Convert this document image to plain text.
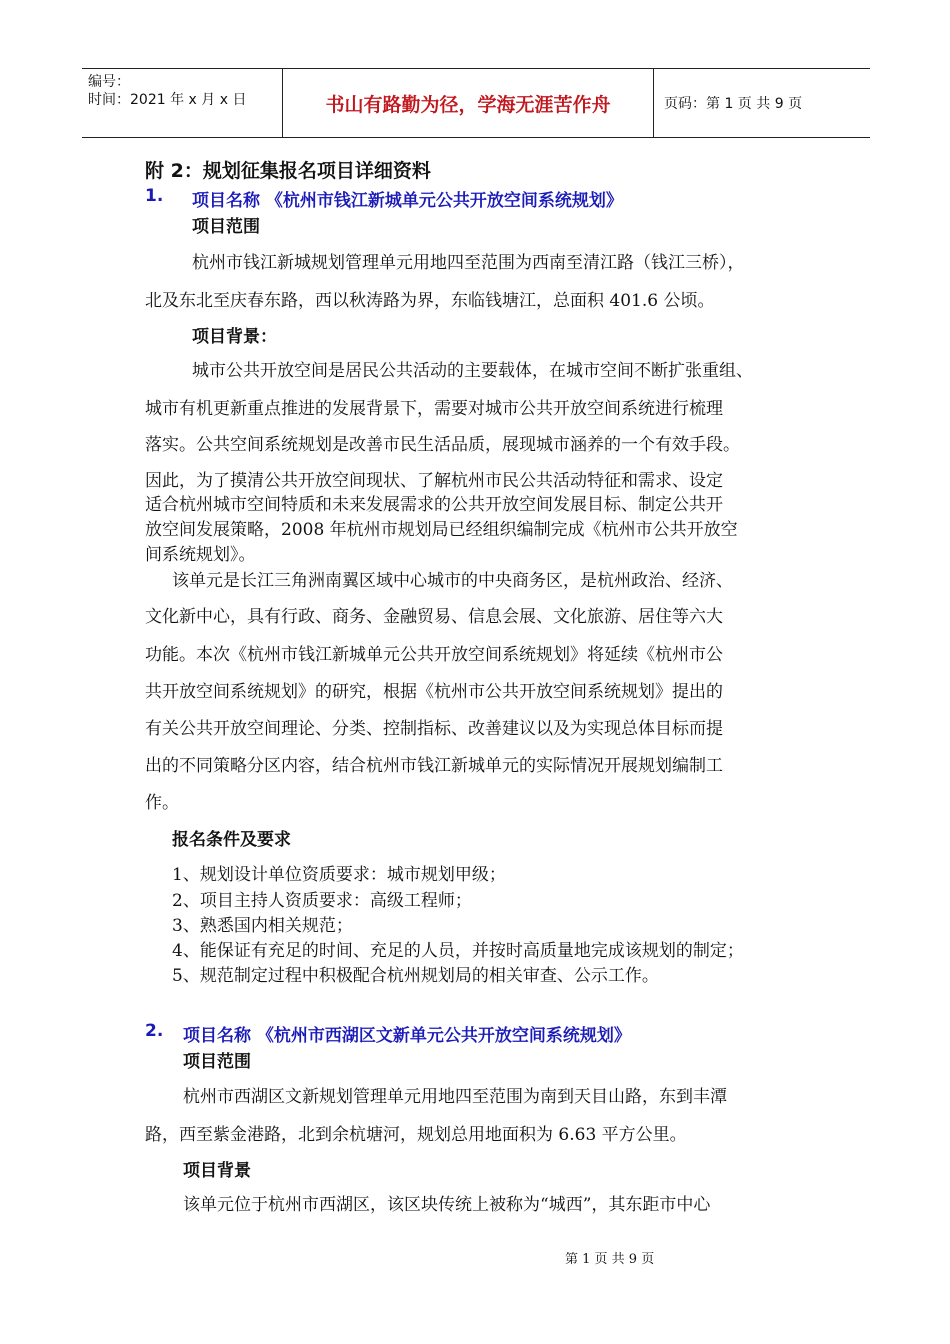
编号：
时间：2021 年 x 月 x 日	书山有路勤为径，学海无涯苦作舟	页码：第 1 页 共 9 页
附 2：规划征集报名项目详细资料
1. 项目名称 《杭州市钱江新城单元公共开放空间系统规划》
项目范围
杭州市钱江新城规划管理单元用地四至范围为西南至清江路（钱江三桥），
北及东北至庆春东路，西以秋涛路为界，东临钱塘江，总面积 401.6 公顷。
项目背景：
城市公共开放空间是居民公共活动的主要载体，在城市空间不断扩张重组、
城市有机更新重点推进的发展背景下，需要对城市公共开放空间系统进行梳理
落实。公共空间系统规划是改善市民生活品质，展现城市涵养的一个有效手段。
因此，为了摸清公共开放空间现状、了解杭州市民公共活动特征和需求、设定
适合杭州城市空间特质和未来发展需求的公共开放空间发展目标、制定公共开
放空间发展策略，2008 年杭州市规划局已经组织编制完成《杭州市公共开放空
间系统规划》。
该单元是长江三角洲南翼区域中心城市的中央商务区，是杭州政治、经济、
文化新中心，具有行政、商务、金融贸易、信息会展、文化旅游、居住等六大
功能。本次《杭州市钱江新城单元公共开放空间系统规划》将延续《杭州市公
共开放空间系统规划》的研究，根据《杭州市公共开放空间系统规划》提出的
有关公共开放空间理论、分类、控制指标、改善建议以及为实现总体目标而提
出的不同策略分区内容，结合杭州市钱江新城单元的实际情况开展规划编制工
作。
报名条件及要求
1、规划设计单位资质要求：城市规划甲级；
2、项目主持人资质要求：高级工程师；
3、熟悉国内相关规范；
4、能保证有充足的时间、充足的人员，并按时高质量地完成该规划的制定；
5、规范制定过程中积极配合杭州规划局的相关审查、公示工作。
2. 项目名称 《杭州市西湖区文新单元公共开放空间系统规划》
项目范围
杭州市西湖区文新规划管理单元用地四至范围为南到天目山路，东到丰潭
路，西至紫金港路，北到余杭塘河，规划总用地面积为 6.63 平方公里。
项目背景
该单元位于杭州市西湖区，该区块传统上被称为“城西”，其东距市中心
第 1 页 共 9 页
